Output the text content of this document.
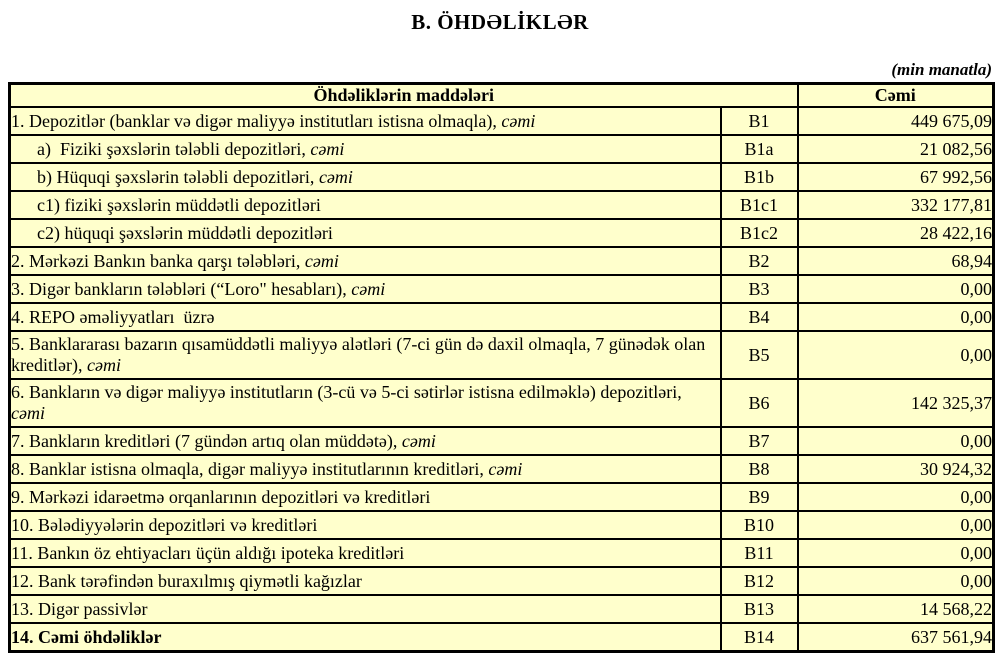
B. ÖHDƏLİKLƏR
(min manatla)
Öhdəliklərin maddələri		Cəmi
1. Depozitlər (banklar və digər maliyyə institutları istisna olmaqla), cəmi	B1	449 675,09
a)  Fiziki şəxslərin tələbli depozitləri, cəmi	B1a	21 082,56
b) Hüquqi şəxslərin tələbli depozitləri, cəmi	B1b	67 992,56
c1) fiziki şəxslərin müddətli depozitləri	B1c1	332 177,81
c2) hüquqi şəxslərin müddətli depozitləri	B1c2	28 422,16
2. Mərkəzi Bankın banka qarşı tələbləri, cəmi	B2	68,94
3. Digər bankların tələbləri (“Loro" hesabları), cəmi	B3	0,00
4. REPO əməliyyatları  üzrə	B4	0,00
5. Banklararası bazarın qısamüddətli maliyyə alətləri (7-ci gün də daxil olmaqla, 7 günədək olan kreditlər), cəmi	B5	0,00
6. Bankların və digər maliyyə institutların (3-cü və 5-ci sətirlər istisna edilməklə) depozitləri, cəmi	B6	142 325,37
7. Bankların kreditləri (7 gündən artıq olan müddətə), cəmi	B7	0,00
8. Banklar istisna olmaqla, digər maliyyə institutlarının kreditləri, cəmi	B8	30 924,32
9. Mərkəzi idarəetmə orqanlarının depozitləri və kreditləri	B9	0,00
10. Bələdiyyələrin depozitləri və kreditləri	B10	0,00
11. Bankın öz ehtiyacları üçün aldığı ipoteka kreditləri	B11	0,00
12. Bank tərəfindən buraxılmış qiymətli kağızlar	B12	0,00
13. Digər passivlər	B13	14 568,22
14. Cəmi öhdəliklər	B14	637 561,94
